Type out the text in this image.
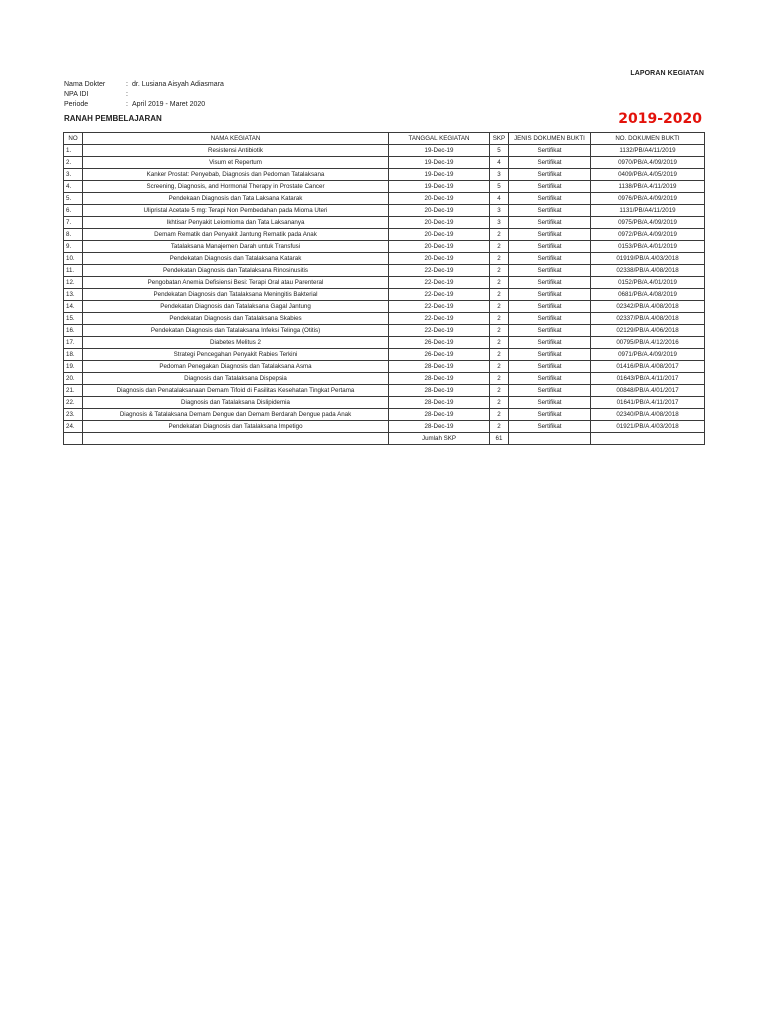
LAPORAN KEGIATAN
Nama Dokter	: dr. Lusiana Aisyah Adiasmara
NPA IDI	:
Periode	: April 2019 - Maret 2020
RANAH PEMBELAJARAN	2019-2020
NO	NAMA KEGIATAN	TANGGAL KEGIATAN	SKP	JENIS DOKUMEN BUKTI	NO. DOKUMEN BUKTI
1.	Resistensi Antibiotik	19-Dec-19	5	Sertifikat	1132/PB/A4/11/2019
2.	Visum et Repertum	19-Dec-19	4	Sertifikat	0970/PB/A.4/09/2019
3.	Kanker Prostat: Penyebab, Diagnosis dan Pedoman Tatalaksana	19-Dec-19	3	Sertifikat	0409/PB/A.4/05/2019
4.	Screening, Diagnosis, and Hormonal Therapy in Prostate Cancer	19-Dec-19	5	Sertifikat	1138/PB/A.4/11/2019
5.	Pendekaan Diagnosis dan Tata Laksana Katarak	20-Dec-19	4	Sertifikat	0976/PB/A.4/09/2019
6.	Ulipristal Acetate 5 mg: Terapi Non Pembedahan pada Mioma Uteri	20-Dec-19	3	Sertifikat	1131/PB/A4/11/2019
7.	Ikhtisar Penyakit Leiomioma dan Tata Laksananya	20-Dec-19	3	Sertifikat	0975/PB/A.4/09/2019
8.	Demam Rematik dan Penyakit Jantung Rematik pada Anak	20-Dec-19	2	Sertifikat	0972/PB/A.4/09/2019
9.	Tatalaksana Manajemen Darah untuk Transfusi	20-Dec-19	2	Sertifikat	0153/PB/A.4/01/2019
10.	Pendekatan Diagnosis dan Tatalaksana Katarak	20-Dec-19	2	Sertifikat	01919/PB/A.4/03/2018
11.	Pendekatan Diagnosis dan Tatalaksana Rinosinusitis	22-Dec-19	2	Sertifikat	02338/PB/A.4/08/2018
12.	Pengobatan Anemia Defisiensi Besi: Terapi Oral atau Parenteral	22-Dec-19	2	Sertifikat	0152/PB/A.4/01/2019
13.	Pendekatan Diagnosis dan Tatalaksana Meningitis Bakterial	22-Dec-19	2	Sertifikat	0681/PB/A.4/08/2019
14.	Pendekatan Diagnosis dan Tatalaksana Gagal Jantung	22-Dec-19	2	Sertifikat	02342/PB/A.4/08/2018
15.	Pendekatan Diagnosis dan Tatalaksana Skabies	22-Dec-19	2	Sertifikat	02337/PB/A.4/08/2018
16.	Pendekatan Diagnosis dan Tatalaksana Infeksi Telinga (Otitis)	22-Dec-19	2	Sertifikat	02129/PB/A.4/06/2018
17.	Diabetes Melitus 2	26-Dec-19	2	Sertifikat	00795/PB/A.4/12/2016
18.	Strategi Pencegahan Penyakit Rabies Terkini	26-Dec-19	2	Sertifikat	0971/PB/A.4/09/2019
19.	Pedoman Penegakan Diagnosis dan Tatalaksana Asma	28-Dec-19	2	Sertifikat	01416/PB/A.4/08/2017
20.	Diagnosis dan Tatalaksana Dispepsia	28-Dec-19	2	Sertifikat	01643/PB/A.4/11/2017
21.	Diagnosis dan Penatalaksanaan Demam Tifoid di Fasilitas Kesehatan Tingkat Pertama	28-Dec-19	2	Sertifikat	00848/PB/A.4/01/2017
22.	Diagnosis dan Tatalaksana Dislipidemia	28-Dec-19	2	Sertifikat	01641/PB/A.4/11/2017
23.	Diagnosis & Tatalaksana Demam Dengue dan Demam Berdarah Dengue pada Anak	28-Dec-19	2	Sertifikat	02340/PB/A.4/08/2018
24.	Pendekatan Diagnosis dan Tatalaksana Impetigo	28-Dec-19	2	Sertifikat	01921/PB/A.4/03/2018
		Jumlah SKP	61		
